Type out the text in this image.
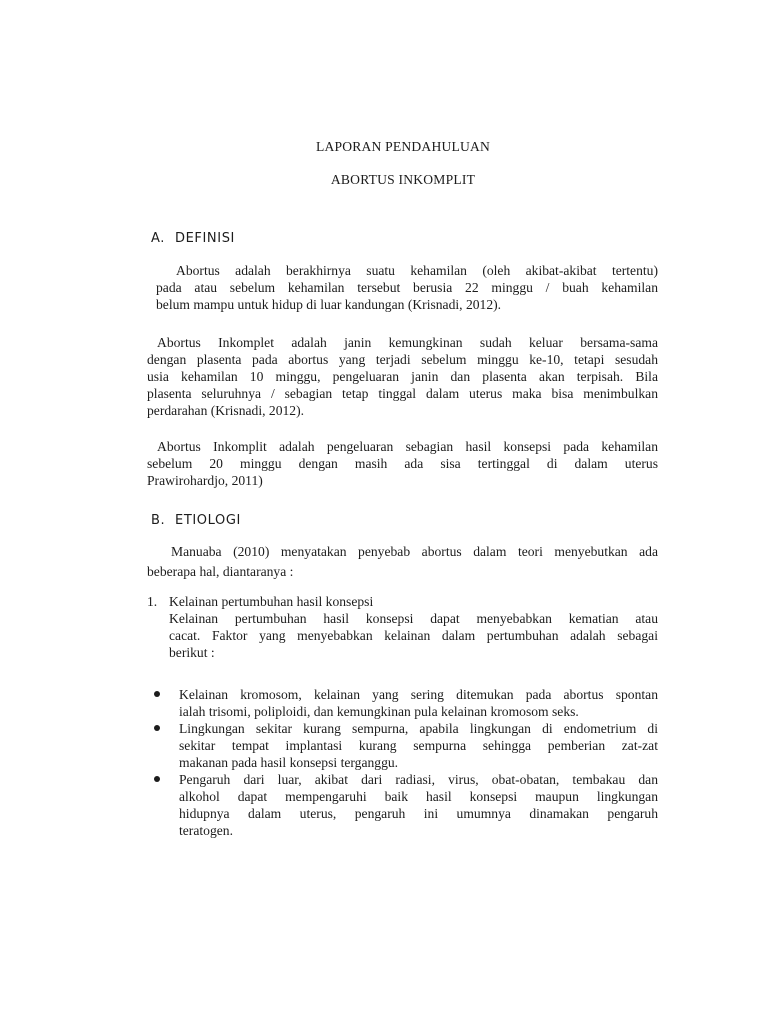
LAPORAN PENDAHULUAN
ABORTUS INKOMPLIT
A. DEFINISI
Abortus adalah berakhirnya suatu kehamilan (oleh akibat-akibat tertentu)
pada atau sebelum kehamilan tersebut berusia 22 minggu / buah kehamilan
belum mampu untuk hidup di luar kandungan (Krisnadi, 2012).
Abortus Inkomplet adalah janin kemungkinan sudah keluar bersama-sama
dengan plasenta pada abortus yang terjadi sebelum minggu ke-10, tetapi sesudah
usia kehamilan 10 minggu, pengeluaran janin dan plasenta akan terpisah. Bila
plasenta seluruhnya / sebagian tetap tinggal dalam uterus maka bisa menimbulkan
perdarahan (Krisnadi, 2012).
Abortus Inkomplit adalah pengeluaran sebagian hasil konsepsi pada kehamilan
sebelum 20 minggu dengan masih ada sisa tertinggal di dalam uterus
Prawirohardjo, 2011)
B. ETIOLOGI
Manuaba (2010) menyatakan penyebab abortus dalam teori menyebutkan ada
beberapa hal, diantaranya :
1. Kelainan pertumbuhan hasil konsepsi
Kelainan pertumbuhan hasil konsepsi dapat menyebabkan kematian atau
cacat. Faktor yang menyebabkan kelainan dalam pertumbuhan adalah sebagai
berikut :
Kelainan kromosom, kelainan yang sering ditemukan pada abortus spontan
ialah trisomi, poliploidi, dan kemungkinan pula kelainan kromosom seks.
Lingkungan sekitar kurang sempurna, apabila lingkungan di endometrium di
sekitar tempat implantasi kurang sempurna sehingga pemberian zat-zat
makanan pada hasil konsepsi terganggu.
Pengaruh dari luar, akibat dari radiasi, virus, obat-obatan, tembakau dan
alkohol dapat mempengaruhi baik hasil konsepsi maupun lingkungan
hidupnya dalam uterus, pengaruh ini umumnya dinamakan pengaruh
teratogen.
